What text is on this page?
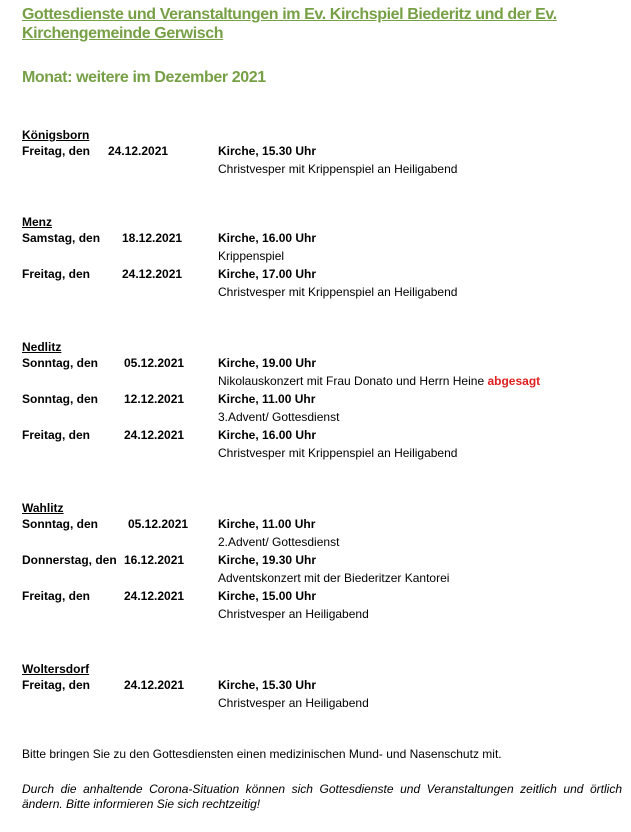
Gottesdienste und Veranstaltungen im Ev. Kirchspiel Biederitz und der Ev. Kirchengemeinde Gerwisch
Monat: weitere im Dezember 2021
Königsborn
Freitag, den 24.12.2021	Kirche, 15.30 Uhr
Christvesper mit Krippenspiel an Heiligabend
Menz
Samstag, den 18.12.2021	Kirche, 16.00 Uhr
Krippenspiel
Freitag, den	24.12.2021	Kirche, 17.00 Uhr
Christvesper mit Krippenspiel an Heiligabend
Nedlitz
Sonntag, den 05.12.2021	Kirche, 19.00 Uhr
Nikolauskonzert mit Frau Donato und Herrn Heine abgesagt
Sonntag, den 12.12.2021	Kirche, 11.00 Uhr
3.Advent/ Gottesdienst
Freitag, den	24.12.2021	Kirche, 16.00 Uhr
Christvesper mit Krippenspiel an Heiligabend
Wahlitz
Sonntag, den	05.12.2021 Kirche, 11.00 Uhr
2.Advent/ Gottesdienst
Donnerstag, den 16.12.2021	Kirche, 19.30 Uhr
Adventskonzert mit der Biederitzer Kantorei
Freitag, den	24.12.2021	Kirche, 15.00 Uhr
Christvesper an Heiligabend
Woltersdorf
Freitag, den	24.12.2021	Kirche, 15.30 Uhr
Christvesper an Heiligabend
Bitte bringen Sie zu den Gottesdiensten einen medizinischen Mund- und Nasenschutz mit.
Durch die anhaltende Corona-Situation können sich Gottesdienste und Veranstaltungen zeitlich und örtlich ändern. Bitte informieren Sie sich rechtzeitig!
